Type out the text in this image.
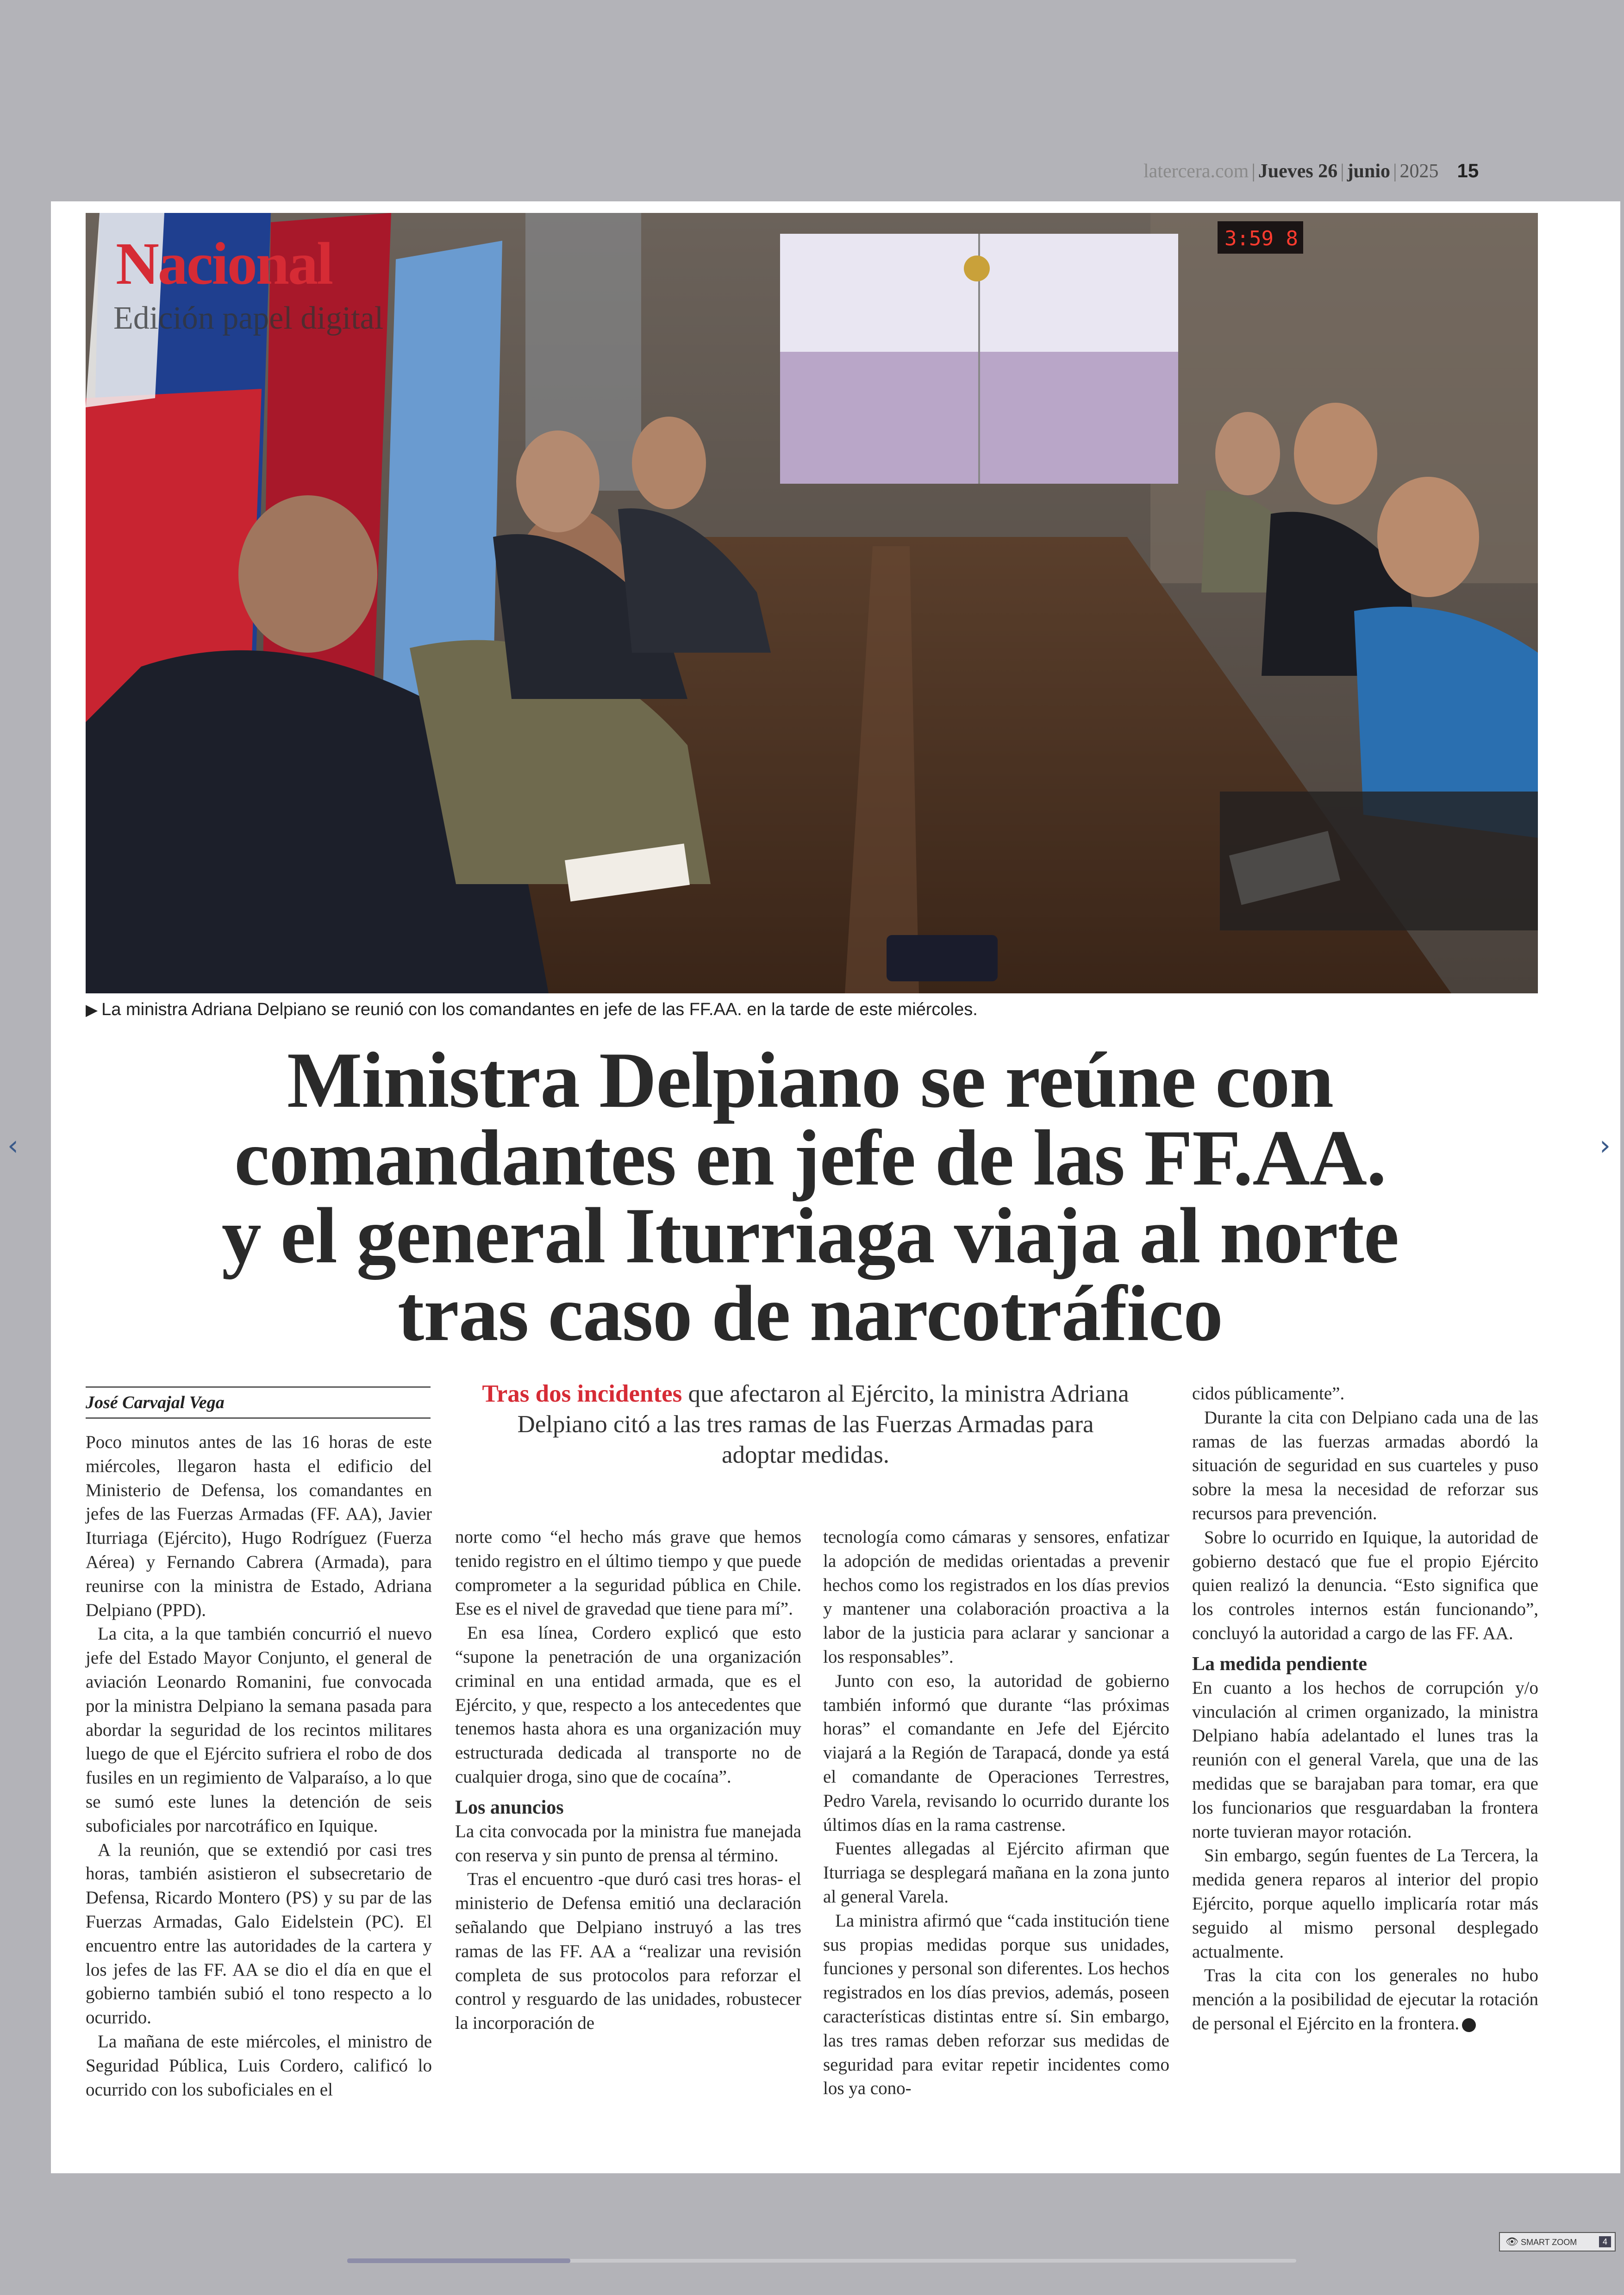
latercera.com | Jueves 26 | junio | 2025 15
3:59 8
Nacional
Edición papel digital
▶ La ministra Adriana Delpiano se reunió con los comandantes en jefe de las FF.AA. en la tarde de este miércoles.
Ministra Delpiano se reúne con
comandantes en jefe de las FF.AA.
y el general Iturriaga viaja al norte
tras caso de narcotráfico
José Carvajal Vega	Tras dos incidentes que afectaron al Ejército, la ministra Adriana Delpiano citó a las tres ramas de las Fuerzas Armadas para adoptar medidas.

Poco minutos antes de las 16 horas de este miércoles, llegaron hasta el edificio del Ministerio de Defensa, los comandantes en jefes de las Fuerzas Armadas (FF. AA), Javier Iturriaga (Ejército), Hugo Rodríguez (Fuerza Aérea) y Fernando Cabrera (Armada), para reunirse con la ministra de Estado, Adriana Delpiano (PPD).

La cita, a la que también concurrió el nuevo jefe del Estado Mayor Conjunto, el general de aviación Leonardo Romanini, fue convocada por la ministra Delpiano la semana pasada para abordar la seguridad de los recintos militares luego de que el Ejército sufriera el robo de dos fusiles en un regimiento de Valparaíso, a lo que se sumó este lunes la detención de seis suboficiales por narcotráfico en Iquique.

A la reunión, que se extendió por casi tres horas, también asistieron el subsecretario de Defensa, Ricardo Montero (PS) y su par de las Fuerzas Armadas, Galo Eidelstein (PC). El encuentro entre las autoridades de la cartera y los jefes de las FF. AA se dio el día en que el gobierno también subió el tono respecto a lo ocurrido.

La mañana de este miércoles, el ministro de Seguridad Pública, Luis Cordero, calificó lo ocurrido con los suboficiales en el

norte como “el hecho más grave que hemos tenido registro en el último tiempo y que puede comprometer a la seguridad pública en Chile. Ese es el nivel de gravedad que tiene para mí”.

En esa línea, Cordero explicó que esto “supone la penetración de una organización criminal en una entidad armada, que es el Ejército, y que, respecto a los antecedentes que tenemos hasta ahora es una organización muy estructurada dedicada al transporte no de cualquier droga, sino que de cocaína”.

Los anuncios

La cita convocada por la ministra fue manejada con reserva y sin punto de prensa al término.

Tras el encuentro -que duró casi tres horas- el ministerio de Defensa emitió una declaración señalando que Delpiano instruyó a las tres ramas de las FF. AA a “realizar una revisión completa de sus protocolos para reforzar el control y resguardo de las unidades, robustecer la incorporación de

tecnología como cámaras y sensores, enfatizar la adopción de medidas orientadas a prevenir hechos como los registrados en los días previos y mantener una colaboración proactiva a la labor de la justicia para aclarar y sancionar a los responsables”.

Junto con eso, la autoridad de gobierno también informó que durante “las próximas horas” el comandante en Jefe del Ejército viajará a la Región de Tarapacá, donde ya está el comandante de Operaciones Terrestres, Pedro Varela, revisando lo ocurrido durante los últimos días en la rama castrense.

Fuentes allegadas al Ejército afirman que Iturriaga se desplegará mañana en la zona junto al general Varela.

La ministra afirmó que “cada institución tiene sus propias medidas porque sus unidades, funciones y personal son diferentes. Los hechos registrados en los días previos, además, poseen características distintas entre sí. Sin embargo, las tres ramas deben reforzar sus medidas de seguridad para evitar repetir incidentes como los ya cono-

cidos públicamente”.

Durante la cita con Delpiano cada una de las ramas de las fuerzas armadas abordó la situación de seguridad en sus cuarteles y puso sobre la mesa la necesidad de reforzar sus recursos para prevención.

Sobre lo ocurrido en Iquique, la autoridad de gobierno destacó que fue el propio Ejército quien realizó la denuncia. “Esto significa que los controles internos están funcionando”, concluyó la autoridad a cargo de las FF. AA.

La medida pendiente

En cuanto a los hechos de corrupción y/o vinculación al crimen organizado, la ministra Delpiano había adelantado el lunes tras la reunión con el general Varela, que una de las medidas que se barajaban para tomar, era que los funcionarios que resguardaban la frontera norte tuvieran mayor rotación.

Sin embargo, según fuentes de La Tercera, la medida genera reparos al interior del propio Ejército, porque aquello implicaría rotar más seguido al mismo personal desplegado actualmente.

Tras la cita con los generales no hubo mención a la posibilidad de ejecutar la rotación de personal el Ejército en la frontera.

‹	›
👁 SMART ZOOM	4
